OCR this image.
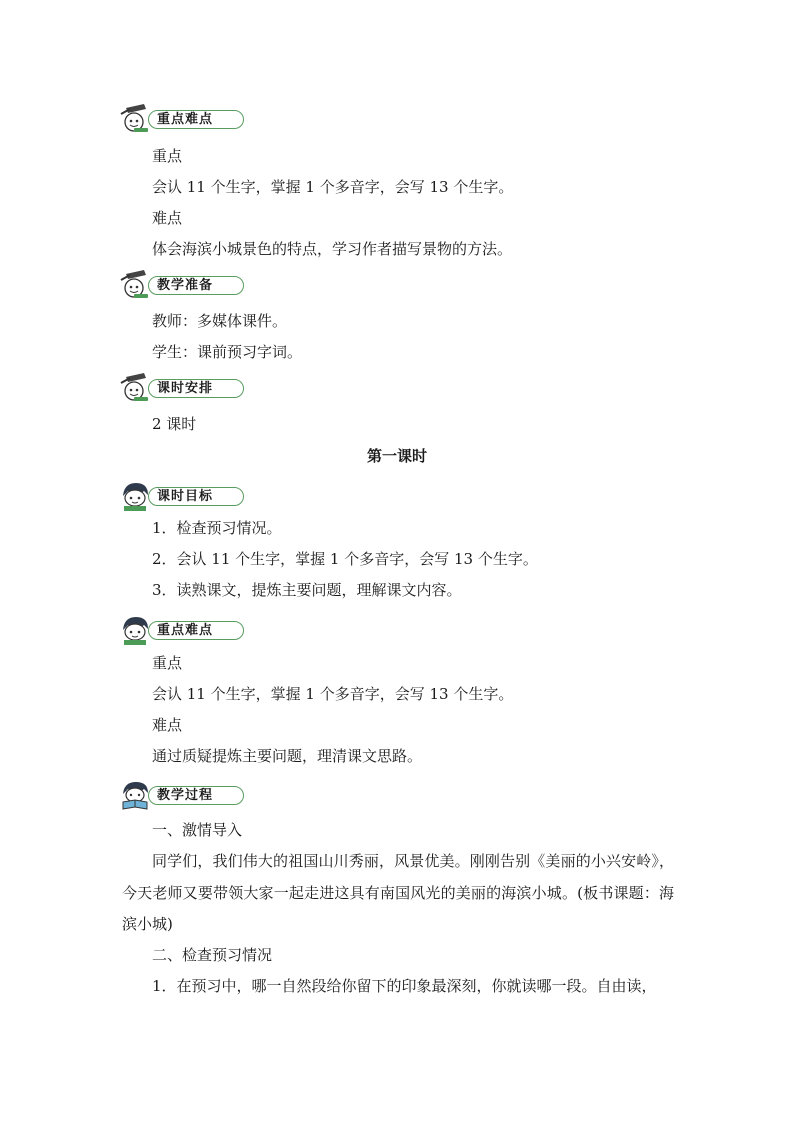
重点难点
重点
会认 11 个生字，掌握 1 个多音字，会写 13 个生字。
难点
体会海滨小城景色的特点，学习作者描写景物的方法。
教学准备
教师：多媒体课件。
学生：课前预习字词。
课时安排
2 课时
第一课时
课时目标
1．检查预习情况。
2．会认 11 个生字，掌握 1 个多音字，会写 13 个生字。
3．读熟课文，提炼主要问题，理解课文内容。
重点难点
重点
会认 11 个生字，掌握 1 个多音字，会写 13 个生字。
难点
通过质疑提炼主要问题，理清课文思路。
教学过程
一、激情导入
同学们，我们伟大的祖国山川秀丽，风景优美。刚刚告别《美丽的小兴安岭》，今天老师又要带领大家一起走进这具有南国风光的美丽的海滨小城。(板书课题：海滨小城)
二、检查预习情况
1．在预习中，哪一自然段给你留下的印象最深刻，你就读哪一段。自由读，
